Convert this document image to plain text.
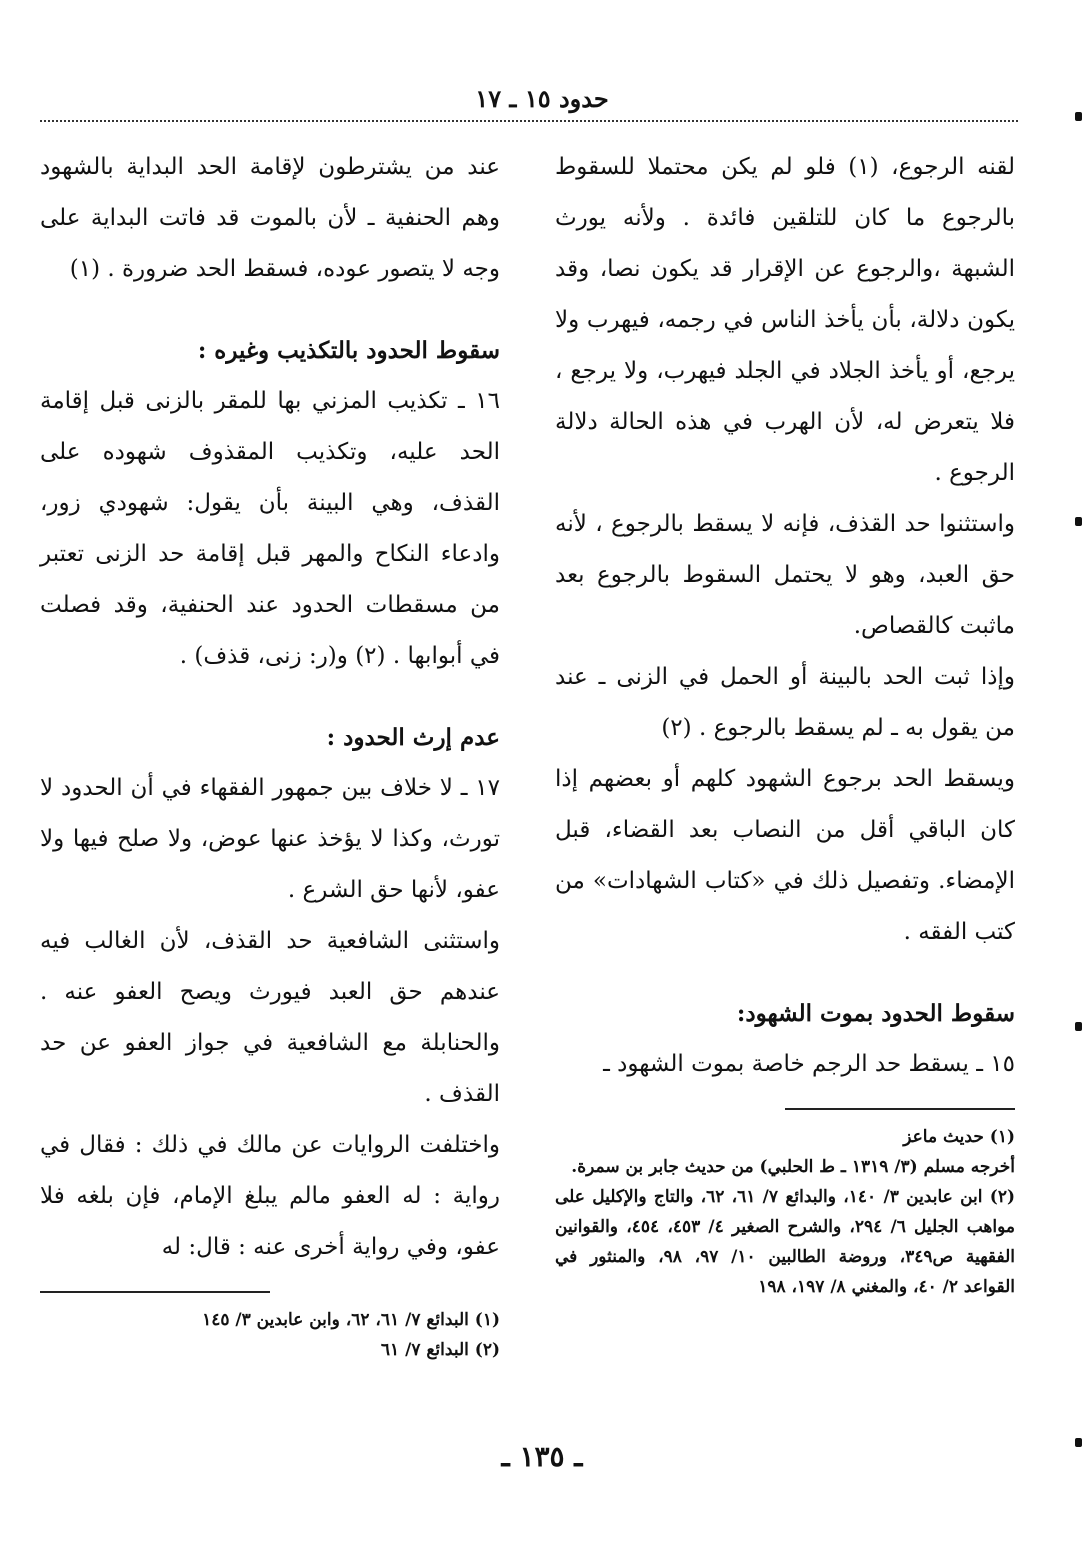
حدود ١٥ ـ ١٧

لقنه الرجوع، (١) فلو لم يكن محتملا للسقوط بالرجوع ما كان للتلقين فائدة . ولأنه يورث الشبهة ،والرجوع عن الإقرار قد يكون نصا، وقد يكون دلالة، بأن يأخذ الناس في رجمه، فيهرب ولا يرجع، أو يأخذ الجلاد في الجلد فيهرب، ولا يرجع ، فلا يتعرض له، لأن الهرب في هذه الحالة دلالة الرجوع .

واستثنوا حد القذف، فإنه لا يسقط بالرجوع ، لأنه حق العبد، وهو لا يحتمل السقوط بالرجوع بعد ماثبت كالقصاص.

وإذا ثبت الحد بالبينة أو الحمل في الزنى ـ عند من يقول به ـ لم يسقط بالرجوع . (٢)

ويسقط الحد برجوع الشهود كلهم أو بعضهم إذا كان الباقي أقل من النصاب بعد القضاء، قبل الإمضاء. وتفصيل ذلك في «كتاب الشهادات» من كتب الفقه .

سقوط الحدود بموت الشهود:

١٥ ـ يسقط حد الرجم خاصة بموت الشهود ـ

(١) حديث ماعز

أخرجه مسلم (٣/ ١٣١٩ ـ ط الحلبي) من حديث جابر بن سمرة.

(٢) ابن عابدين ٣/ ١٤٠، والبدائع ٧/ ٦١، ٦٢، والتاج والإكليل على مواهب الجليل ٦/ ٢٩٤، والشرح الصغير ٤/ ٤٥٣، ٤٥٤، والقوانين الفقهية ص٣٤٩، وروضة الطالبين ١٠/ ٩٧، ٩٨، والمنثور في القواعد ٢/ ٤٠، والمغني ٨/ ١٩٧، ١٩٨

عند من يشترطون لإقامة الحد البداية بالشهود وهم الحنفية ـ لأن بالموت قد فاتت البداية على وجه لا يتصور عوده، فسقط الحد ضرورة . (١)

سقوط الحدود بالتكذيب وغيره :

١٦ ـ تكذيب المزني بها للمقر بالزنى قبل إقامة الحد عليه، وتكذيب المقذوف شهوده على القذف، وهي البينة بأن يقول: شهودي زور، وادعاء النكاح والمهر قبل إقامة حد الزنى تعتبر من مسقطات الحدود عند الحنفية، وقد فصلت في أبوابها . (٢) و(ر: زنى، قذف) .

عدم إرث الحدود :

١٧ ـ لا خلاف بين جمهور الفقهاء في أن الحدود لا تورث، وكذا لا يؤخذ عنها عوض، ولا صلح فيها ولا عفو، لأنها حق الشرع .

واستثنى الشافعية حد القذف، لأن الغالب فيه عندهم حق العبد فيورث ويصح العفو عنه . والحنابلة مع الشافعية في جواز العفو عن حد القذف .

واختلفت الروايات عن مالك في ذلك : فقال في رواية : له العفو مالم يبلغ الإمام، فإن بلغه فلا عفو، وفي رواية أخرى عنه : قال: له

(١) البدائع ٧/ ٦١، ٦٢، وابن عابدين ٣/ ١٤٥

(٢) البدائع ٧/ ٦١

ـ ١٣٥ ـ
